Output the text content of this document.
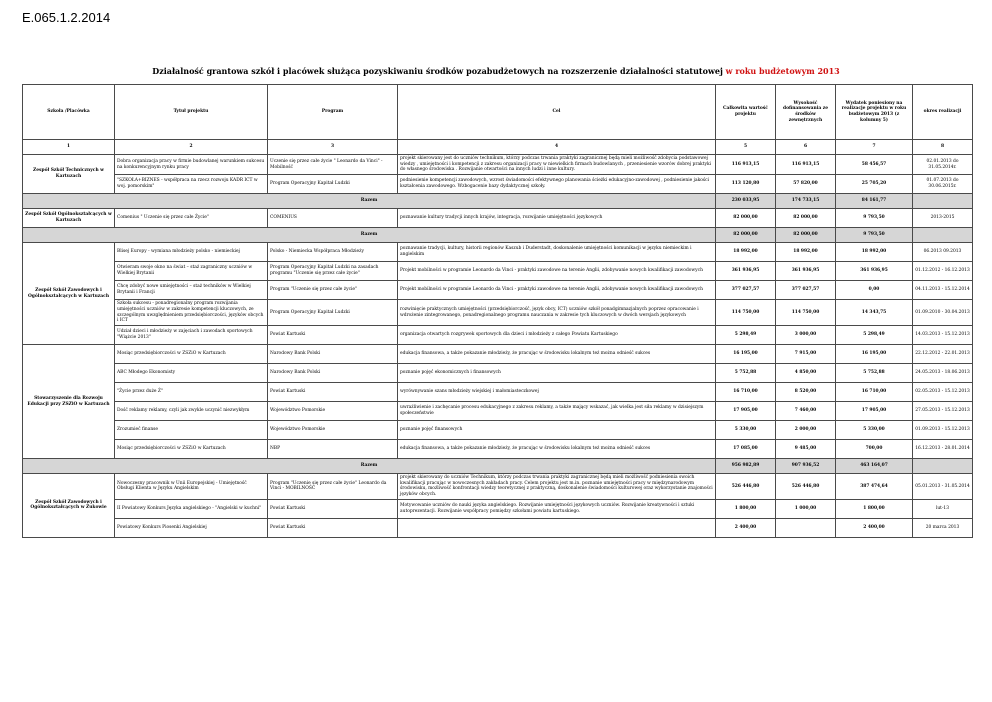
E.065.1.2.2014
Działalność grantowa szkół i placówek służąca pozyskiwaniu środków pozabudżetowych na rozszerzenie działalności statutowej w roku budżetowym 2013
Szkoła /Placówka	Tytuł projektu	Program	Cel	Całkowita wartość projektu	Wysokość dofinansowania ze środków zewnętrznych	Wydatek poniesiony na realizacje projektu w roku budżetowym 2013 (z kolumny 5)	okres realizacji
1	2	3	4	5	6	7	8
Zespół Szkół Technicznych w Kartuzach	Dobra organizacja pracy w firmie budowlanej warunkiem sukcesu na konkurencyjnym rynku pracy	Uczenie się przez całe życie " Leonardo da Vinci" - Mobilność	projekt skierowany jest do uczniów technikum, którzy podczas trwania praktyki zagranicznej będą mieli możliwość zdobycia podstawowej wiedzy , umiejętności i kompetencji z zakresu organizacji pracy w niewielkich firmach budowlanych , przeniesienie wzorów dobrej praktyki do własnego środowiska . Rozwijanie otwartości na innych ludzi i inne kultury.	116 913,15	116 913,15	58 456,57	02.01.2013 do 31.05.2014r.
	"SZKOŁA+BIZNES - współpraca na rzecz rozwoju KADR ICT w woj. pomorskim"	Program Operacyjny Kapitał Ludzki	podniesienie kompetencji zawodowych, wzrost świadomości efektywnego planowania ścieżki edukacyjno-zawodowej , podniesienie jakości kształcenia zawodowego. Wzbogacenie bazy dydaktycznej szkoły.	113 120,80	57 820,00	25 705,20	01.07.2013 do 30.06.2015r.
Razem				230 033,95	174 733,15	84 161,77	
Zespół Szkół Ogólnokształcących w Kartuzach	Comenius " Uczenie się przez całe Życie"	COMENIUS	poznawanie kultury tradycji innych krajów, integracja, rozwijanie umiejętności językowych	82 000,00	82 000,00	9 793,50	2013-2015
Razem				82 000,00	82 000,00	9 793,50	
Zespół Szkół Zawodowych i Ogólnokształcących w Kartuzach	Blisej Europy - wymiana młodzieży polsko - niemieckiej	Polsko - Niemiecka Współpraca Młodzieży	poznawanie tradycji, kultury, historii regionów Kaszub i Duderstadt, doskonalenie umiejętności komunikacji w języku niemieckim i angielskim	18 992,00	18 992,00	18 992,00	06.2013 09.2013
	Otwieram swoje okno na świat – staż zagraniczny uczniów w Wielkiej Brytanii	Program Operacyjny Kapitał Ludzki na zasadach programu "Uczenie się przez całe życie"	Projekt mobilności w programie Leonardo da Vinci - praktyki zawodowe na terenie Anglii, zdobywanie nowych kwalifikacji zawodowych	361 936,95	361 936,95	361 936,95	01.12.2012 - 16.12.2013
	Chcę zdobyć nowe umiejętności – staż techników w Wielkiej Brytanii i Francji	Program "Uczenie się przez całe życie"	Projekt mobilności w programie Leonardo da Vinci - praktyki zawodowe na terenie Anglii, zdobywanie nowych kwalifikacji zawodowych	377 027,57	377 027,57	0,00	04.11.2013 - 15.12.2014
	Szkoła sukcesu - ponadregionalny program rozwijania umiejętności uczniów w zakresie kompetencji kluczowych, ze szczególnym uwzględnieniem przedsiębiorczości, języków obcych i ICT	Program Operacyjny Kapitał Ludzki	rozwinięcie praktycznych umiejętności (przedsiębiorczość, język obcy, ICT) uczniów szkół ponadgimnazjalnych poprzez opracowanie i wdrożenie zintegrowanego, ponadregionalnego programu nauczania w zakresie tych kluczowych w dwóch wersjach językowych	114 750,00	114 750,00	14 343,75	01.09.2010 - 30.04.2013
	Udział dzieci i młodzieży w zajęciach i zawodach sportowych "Wiążcie 2013"	Powiat Kartuski	organizacja otwartych rozgrywek sportowych dla dzieci i młodzieży z całego Powiatu Kartuskiego	5 298,49	3 000,00	5 298,49	14.03.2013 - 15.12.2013
Stowarzyszenie dla Rozwoju Edukacji przy ZSZiO w Kartuzach	Mosiąc przedsiębiorczości w ZSZiO w Kartuzach	Narodowy Bank Polski	edukacja finansowa, a także pokazanie młodzieży, że pracując w środowisku lokalnym też można odnieść sukces	16 195,00	7 915,00	16 195,00	22.12.2012 - 22.01.2013
	ABC Młodego Ekonomisty	Narodowy Bank Polski	poznanie pojęć ekonomicznych i finansowych	5 752,88	4 850,00	5 752,88	24.05.2013 - 18.06.2013
	"Życie przez duże Ż"	Powiat Kartuski	wyrównywanie szans młodzieży wiejskiej i małomiasteczkowej	16 710,00	8 520,00	16 710,00	02.05.2013 - 15.12.2013
	Dość reklamy reklamy, czyli jak zwykle uczynić niezwykłym	Województwo Pomorskie	uwrażliwienie i zachęcanie procesu edukacyjnego z zakresu reklamy, a także mający wskazać, jak wielka jest siła reklamy w dzisiejszym społeczeństwie	17 905,00	7 460,00	17 905,00	27.05.2013 - 15.12.2013
	Zrozumieć finanse	Województwo Pomorskie	poznanie pojęć finansowych	5 330,00	2 000,00	5 330,00	01.09.2013 - 15.12.2013
	Mosiąc przedsiębiorczości w ZSZiO w Kartuzach	NBP	edukacja finansowa, a także pokazanie młodzieży, że pracując w środowisku lokalnym też można odnieść sukces	17 085,00	9 485,00	700,00	16.12.2013 - 28.01.2014
Razem				956 982,89	907 936,52	463 164,07	
Zespół Szkół Zawodowych i Ogólnokształcących w Żukowie	Nowoczesny pracownik w Unii Europejskiej - Umiejętność Obsługi Klienta w Języku Angielskim	Program "Uczenie się przez całe życie" Leonardo da Vinci - MOBILNOŚĆ	projekt skierowany do uczniów Technikum, którzy podczas trwania praktyki zagranicznej będą mieli możliwość podniesienia swoich kwalifikacji pracując w nowoczesnych zakładach pracy. Celem projektu jest m.in. poznanie umiejętności pracy w międzynarodowym środowisku, możliwość konfrontacji wiedzy teoretycznej z praktyczną, doskonalenie świadomości kulturowej oraz wykorzystanie znajomości języków obcych.	526 446,80	526 446,80	387 474,64	05.01.2013 - 31.05.2014
	II Powiatowy Konkurs Języka angielskiego - "Angielski w kuchni"	Powiat Kartuski	Motywowanie uczniów do nauki języka angielskiego. Rozwijanie umiejętności językowych uczniów. Rozwijanie kreatywności i sztuki autoprezentacji. Rozwijanie współpracy pomiędzy szkołami powiatu kartuskiego.	1 800,00	1 000,00	1 800,00	lut-13
	Powiatowy Konkurs Piosenki Angielskiej	Powiat Kartuski		2 400,00		2 400,00	20 marca 2013
